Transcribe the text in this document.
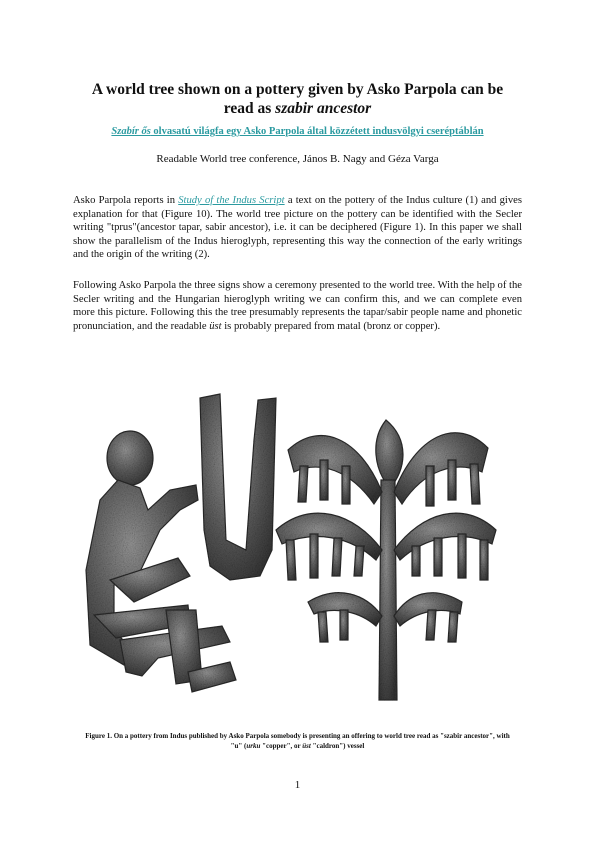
A world tree shown on a pottery given by Asko Parpola can be
read as szabir ancestor
Szabír ős olvasatú világfa egy Asko Parpola által közzétett indusvölgyi cseréptáblán
Readable World tree conference, János B. Nagy and Géza Varga
Asko Parpola reports in Study of the Indus Script a text on the pottery of the Indus culture (1) and gives explanation for that (Figure 10). The world tree picture on the pottery can be identified with the Secler writing "tprus"(ancestor tapar, sabir ancestor), i.e. it can be deciphered (Figure 1). In this paper we shall show the parallelism of the Indus hieroglyph, representing this way the connection of the early writings and the origin of the writing (2).
Following Asko Parpola the three signs show a ceremony presented to the world tree. With the help of the Secler writing and the Hungarian hieroglyph writing we can confirm this, and we can complete even more this picture. Following this the tree presumably represents the tapar/sabir people name and phonetic pronunciation, and the readable üst is probably prepared from matal (bronz or copper).
Figure 1. On a pottery from Indus published by Asko Parpola somebody is presenting an offering to world tree read as "szabir ancestor", with "u" (urku "copper", or üst "caldron") vessel
1
